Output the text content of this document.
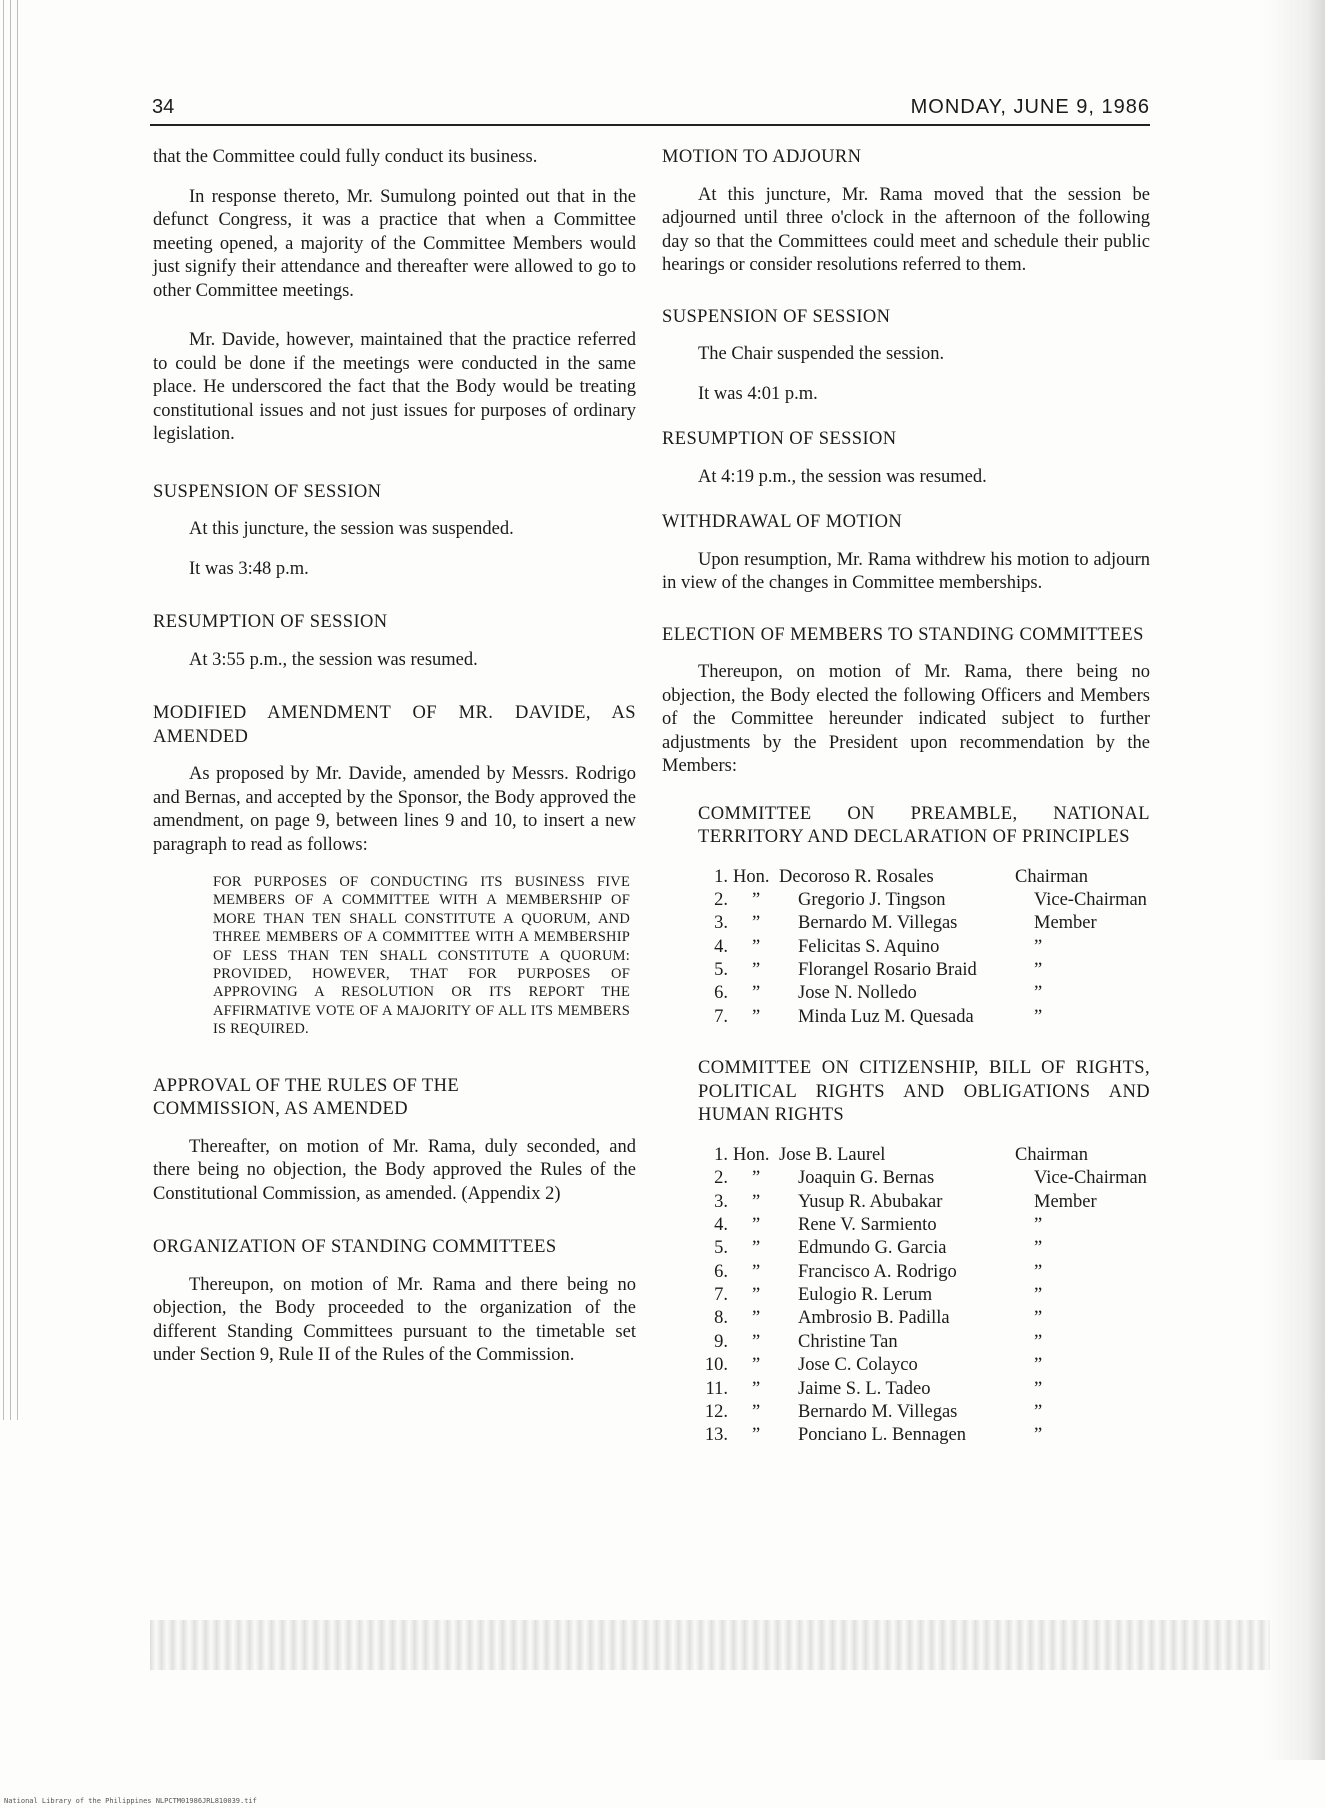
34	MONDAY, JUNE 9, 1986

that the Committee could fully conduct its business.

In response thereto, Mr. Sumulong pointed out that in the defunct Congress, it was a practice that when a Committee meeting opened, a majority of the Committee Members would just signify their attendance and thereafter were allowed to go to other Committee meetings.

Mr. Davide, however, maintained that the practice referred to could be done if the meetings were conducted in the same place. He underscored the fact that the Body would be treating constitutional issues and not just issues for purposes of ordinary legislation.

SUSPENSION OF SESSION

At this juncture, the session was suspended.

It was 3:48 p.m.

RESUMPTION OF SESSION

At 3:55 p.m., the session was resumed.

MODIFIED AMENDMENT OF MR. DAVIDE, AS AMENDED

As proposed by Mr. Davide, amended by Messrs. Rodrigo and Bernas, and accepted by the Sponsor, the Body approved the amendment, on page 9, between lines 9 and 10, to insert a new paragraph to read as follows:

FOR PURPOSES OF CONDUCTING ITS BUSINESS FIVE MEMBERS OF A COMMITTEE WITH A MEMBERSHIP OF MORE THAN TEN SHALL CONSTITUTE A QUORUM, AND THREE MEMBERS OF A COMMITTEE WITH A MEMBERSHIP OF LESS THAN TEN SHALL CONSTITUTE A QUORUM: PROVIDED, HOWEVER, THAT FOR PURPOSES OF APPROVING A RESOLUTION OR ITS REPORT THE AFFIRMATIVE VOTE OF A MAJORITY OF ALL ITS MEMBERS IS REQUIRED.
APPROVAL OF THE RULES OF THE COMMISSION, AS AMENDED

Thereafter, on motion of Mr. Rama, duly seconded, and there being no objection, the Body approved the Rules of the Constitutional Commission, as amended. (Appendix 2)

ORGANIZATION OF STANDING COMMITTEES

Thereupon, on motion of Mr. Rama and there being no objection, the Body proceeded to the organization of the different Standing Committees pursuant to the timetable set under Section 9, Rule II of the Rules of the Commission.

MOTION TO ADJOURN

At this juncture, Mr. Rama moved that the session be adjourned until three o'clock in the afternoon of the following day so that the Committees could meet and schedule their public hearings or consider resolutions referred to them.

SUSPENSION OF SESSION

The Chair suspended the session.

It was 4:01 p.m.

RESUMPTION OF SESSION

At 4:19 p.m., the session was resumed.

WITHDRAWAL OF MOTION

Upon resumption, Mr. Rama withdrew his motion to adjourn in view of the changes in Committee memberships.

ELECTION OF MEMBERS TO STANDING COMMITTEES

Thereupon, on motion of Mr. Rama, there being no objection, the Body elected the following Officers and Members of the Committee hereunder indicated subject to further adjustments by the President upon recommendation by the Members:

COMMITTEE ON PREAMBLE, NATIONAL TERRITORY AND DECLARATION OF PRINCIPLES
1. Hon. Decoroso R. Rosales	Chairman
2.	”	Gregorio J. Tingson	Vice-Chairman
3.	”	Bernardo M. Villegas	Member
4.	”	Felicitas S. Aquino	”
5.	”	Florangel Rosario Braid	”
6.	”	Jose N. Nolledo	”
7.	”	Minda Luz M. Quesada	”
COMMITTEE ON CITIZENSHIP, BILL OF RIGHTS, POLITICAL RIGHTS AND OBLIGATIONS AND HUMAN RIGHTS
1. Hon. Jose B. Laurel	Chairman
2.	”	Joaquin G. Bernas	Vice-Chairman
3.	”	Yusup R. Abubakar	Member
4.	”	Rene V. Sarmiento	”
5.	”	Edmundo G. Garcia	”
6.	”	Francisco A. Rodrigo	”
7.	”	Eulogio R. Lerum	”
8.	”	Ambrosio B. Padilla	”
9.	”	Christine Tan	”
10.	”	Jose C. Colayco	”
11.	”	Jaime S. L. Tadeo	”
12.	”	Bernardo M. Villegas	”
13.	”	Ponciano L. Bennagen	”
National Library of the Philippines NLPCTM01986JRL810039.tif
